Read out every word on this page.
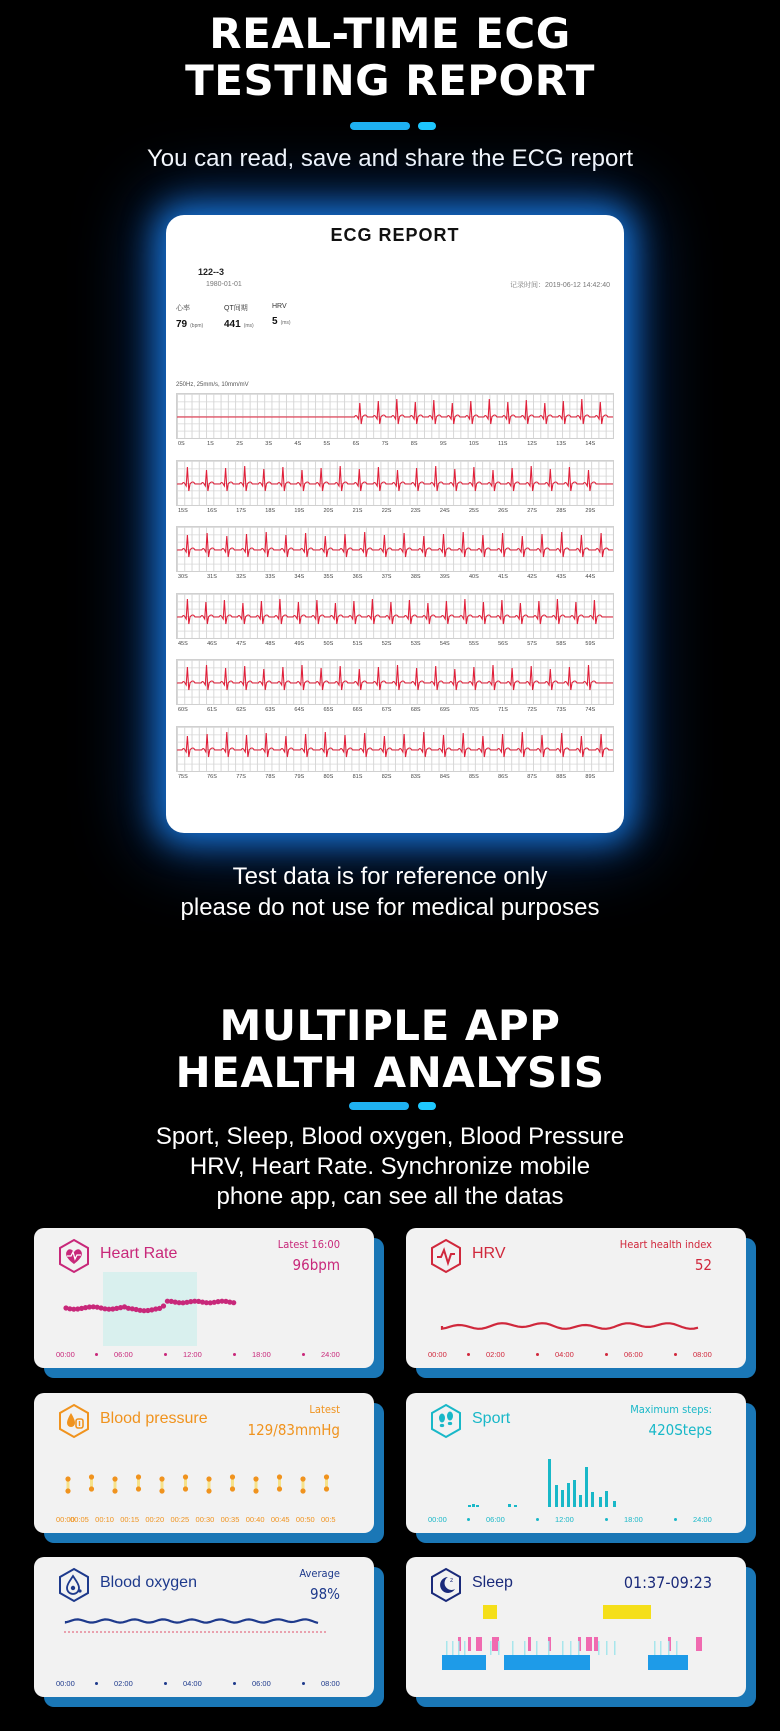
REAL-TIME ECG
TESTING REPORT
You can read, save and share the ECG report
ECG REPORT
122--3
1980-01-01	记录时间：2019-06-12 14:42:40
心率
79 (bpm)
QT间期
441 (ms)
HRV
5 (ms)
250Hz, 25mm/s, 10mm/mV
0S	1S	2S	3S	4S	5S	6S	7S	8S	9S	10S	11S	12S	13S	14S
15S	16S	17S	18S	19S	20S	21S	22S	23S	24S	25S	26S	27S	28S	29S
30S	31S	32S	33S	34S	35S	36S	37S	38S	39S	40S	41S	42S	43S	44S
45S	46S	47S	48S	49S	50S	51S	52S	53S	54S	55S	56S	57S	58S	59S
60S	61S	62S	63S	64S	65S	66S	67S	68S	69S	70S	71S	72S	73S	74S
75S	76S	77S	78S	79S	80S	81S	82S	83S	84S	85S	86S	87S	88S	89S
Test data is for reference only
please do not use for medical purposes
MULTIPLE APP
HEALTH ANALYSIS
Sport, Sleep, Blood oxygen, Blood Pressure
HRV, Heart Rate. Synchronize mobile
phone app, can see all the datas
Heart Rate
Latest 16:00
96bpm
00:00	06:00	12:00	18:00	24:00
HRV
Heart health index
52
00:00	02:00	04:00	06:00	08:00
Blood pressure
Latest
129/83mmHg
00:00
00:05 00:10 00:15 00:20 00:25 00:30 00:35 00:40 00:45 00:50 00:5
Sport
Maximum steps:
420Steps
00:00	06:00	12:00	18:00	24:00
Blood oxygen
Average
98%
00:00	02:00	04:00	06:00	08:00
z Sleep	01:37-09:23
